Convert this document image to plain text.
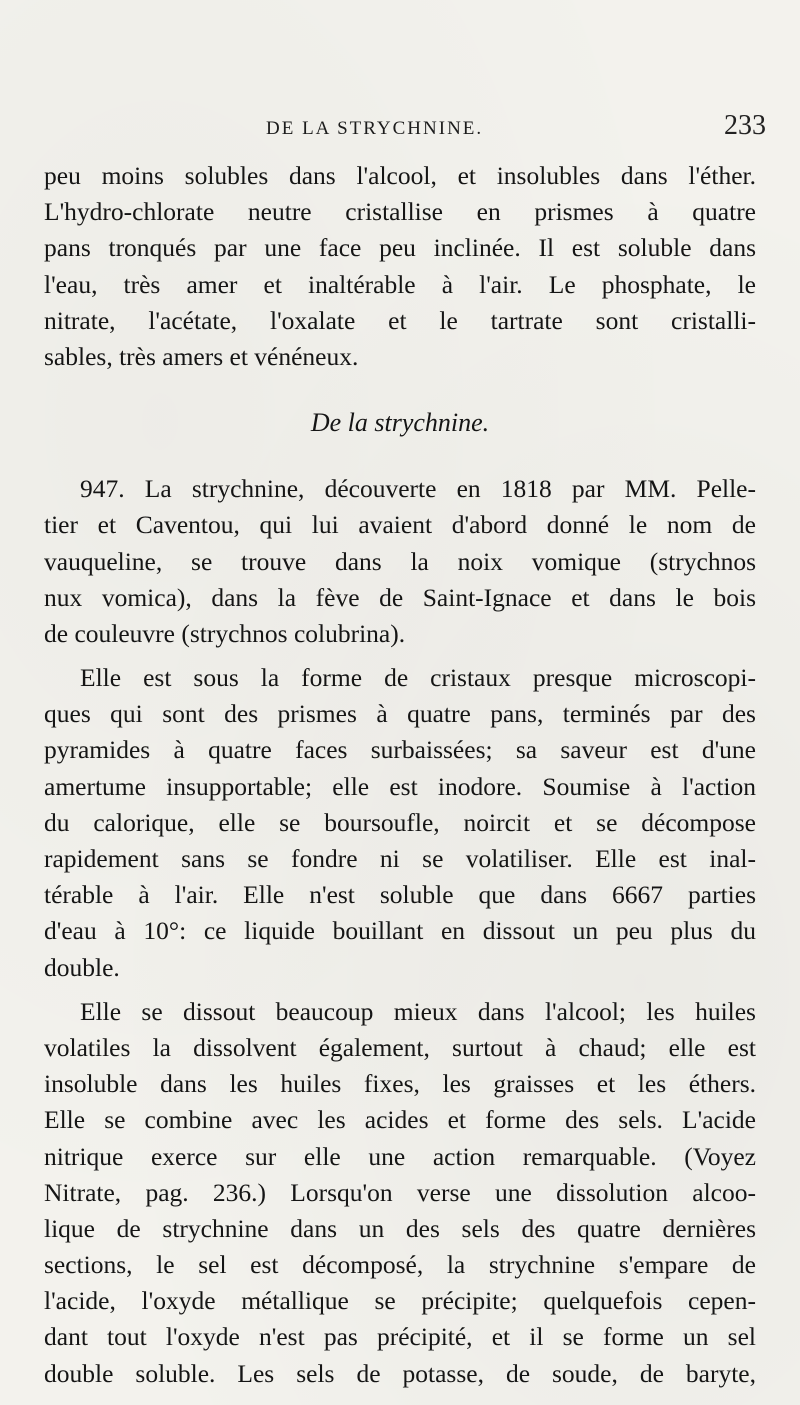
DE LA STRYCHNINE.	233
peu moins solubles dans l'alcool, et insolubles dans l'éther.
L'hydro-chlorate neutre cristallise en prismes à quatre
pans tronqués par une face peu inclinée. Il est soluble dans
l'eau, très amer et inaltérable à l'air. Le phosphate, le
nitrate, l'acétate, l'oxalate et le tartrate sont cristalli-
sables, très amers et vénéneux.
De la strychnine.
947. La strychnine, découverte en 1818 par MM. Pelle-
tier et Caventou, qui lui avaient d'abord donné le nom de
vauqueline, se trouve dans la noix vomique (strychnos
nux vomica), dans la fève de Saint-Ignace et dans le bois
de couleuvre (strychnos colubrina).
Elle est sous la forme de cristaux presque microscopi-
ques qui sont des prismes à quatre pans, terminés par des
pyramides à quatre faces surbaissées; sa saveur est d'une
amertume insupportable; elle est inodore. Soumise à l'action
du calorique, elle se boursoufle, noircit et se décompose
rapidement sans se fondre ni se volatiliser. Elle est inal-
térable à l'air. Elle n'est soluble que dans 6667 parties
d'eau à 10°: ce liquide bouillant en dissout un peu plus du
double.
Elle se dissout beaucoup mieux dans l'alcool; les huiles
volatiles la dissolvent également, surtout à chaud; elle est
insoluble dans les huiles fixes, les graisses et les éthers.
Elle se combine avec les acides et forme des sels. L'acide
nitrique exerce sur elle une action remarquable. (Voyez
Nitrate, pag. 236.) Lorsqu'on verse une dissolution alcoo-
lique de strychnine dans un des sels des quatre dernières
sections, le sel est décomposé, la strychnine s'empare de
l'acide, l'oxyde métallique se précipite; quelquefois cepen-
dant tout l'oxyde n'est pas précipité, et il se forme un sel
double soluble. Les sels de potasse, de soude, de baryte,
